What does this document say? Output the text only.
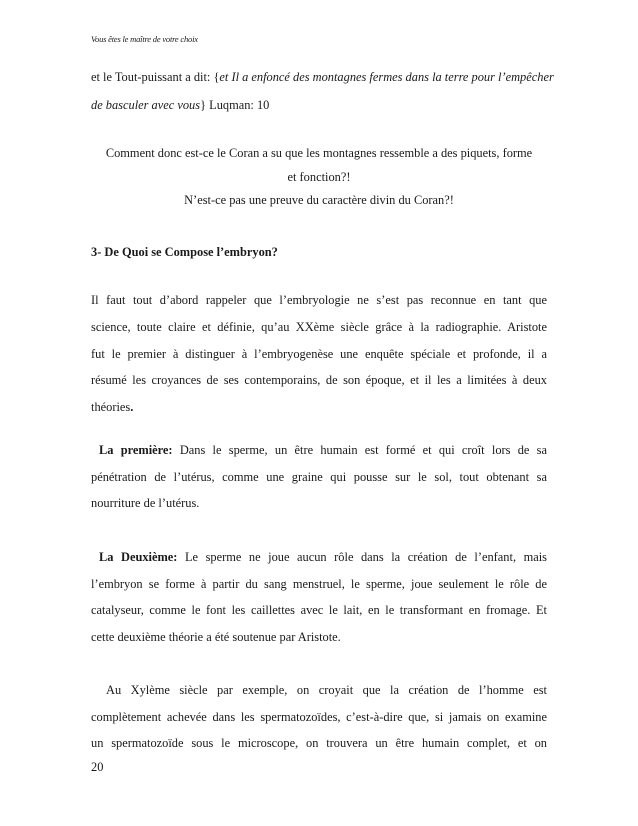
Vous êtes le maître de votre choix
et le Tout-puissant a dit: {et Il a enfoncé des montagnes fermes dans la terre pour l’empêcher
de basculer avec vous} Luqman: 10
Comment donc est-ce le Coran a su que les montagnes ressemble a des piquets, forme
et fonction?!
N’est-ce pas une preuve du caractère divin du Coran?!
3- De Quoi se Compose l’embryon?
Il faut tout d’abord rappeler que l’embryologie ne s’est pas reconnue en tant que
science, toute claire et définie, qu’au XXème siècle grâce à la radiographie. Aristote
fut le premier à distinguer à l’embryogenèse une enquête spéciale et profonde, il a
résumé les croyances de ses contemporains, de son époque, et il les a limitées à deux
théories.
La première: Dans le sperme, un être humain est formé et qui croît lors de sa
pénétration de l’utérus, comme une graine qui pousse sur le sol, tout obtenant sa
nourriture de l’utérus.
La Deuxième: Le sperme ne joue aucun rôle dans la création de l’enfant, mais
l’embryon se forme à partir du sang menstruel, le sperme, joue seulement le rôle de
catalyseur, comme le font les caillettes avec le lait, en le transformant en fromage. Et
cette deuxième théorie a été soutenue par Aristote.
Au Xylème siècle par exemple, on croyait que la création de l’homme est
complètement achevée dans les spermatozoïdes, c’est-à-dire que, si jamais on examine
un spermatozoïde sous le microscope, on trouvera un être humain complet, et on
20
